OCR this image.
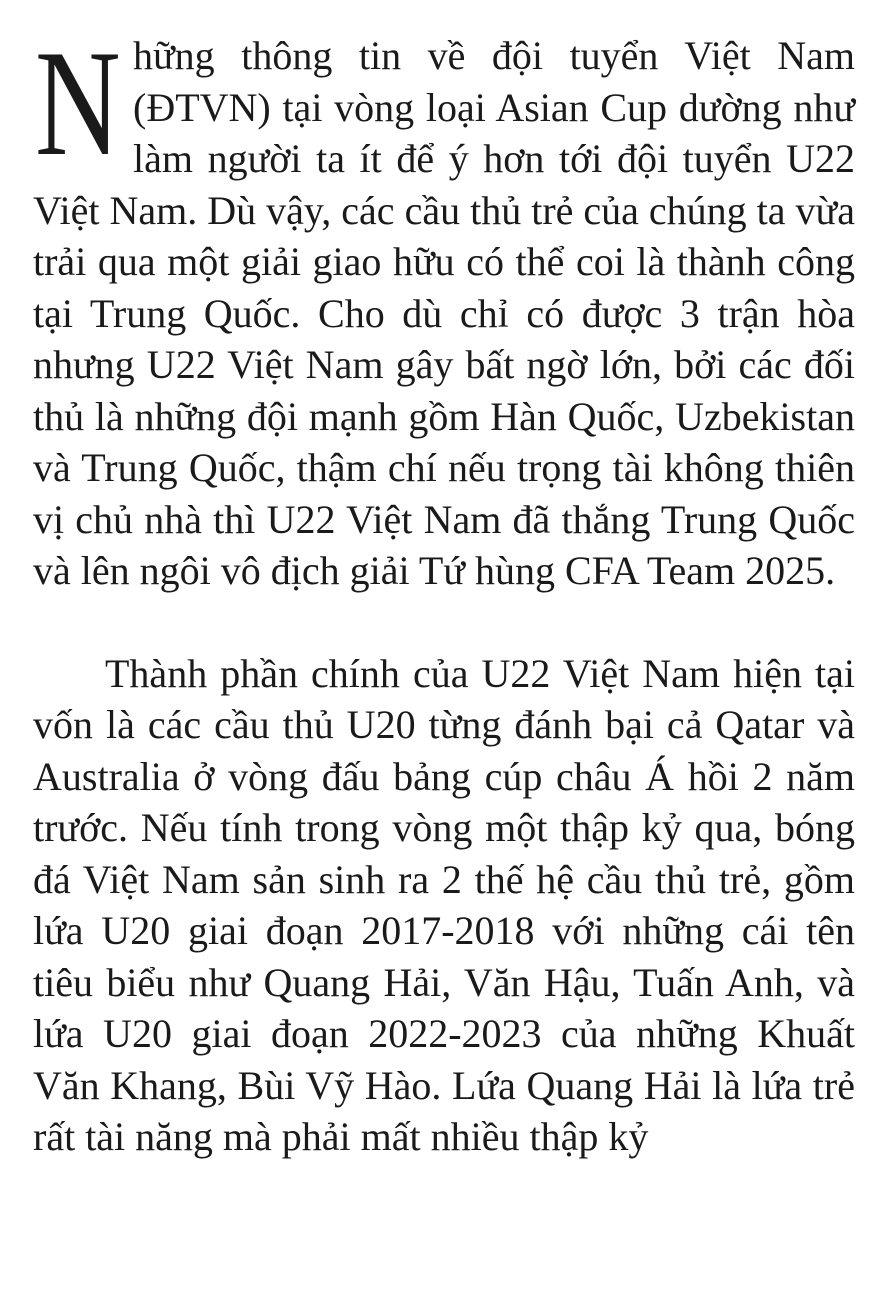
Những thông tin về đội tuyển Việt Nam (ĐTVN) tại vòng loại Asian Cup dường như làm người ta ít để ý hơn tới đội tuyển U22 Việt Nam. Dù vậy, các cầu thủ trẻ của chúng ta vừa trải qua một giải giao hữu có thể coi là thành công tại Trung Quốc. Cho dù chỉ có được 3 trận hòa nhưng U22 Việt Nam gây bất ngờ lớn, bởi các đối thủ là những đội mạnh gồm Hàn Quốc, Uzbekistan và Trung Quốc, thậm chí nếu trọng tài không thiên vị chủ nhà thì U22 Việt Nam đã thắng Trung Quốc và lên ngôi vô địch giải Tứ hùng CFA Team 2025.

Thành phần chính của U22 Việt Nam hiện tại vốn là các cầu thủ U20 từng đánh bại cả Qatar và Australia ở vòng đấu bảng cúp châu Á hồi 2 năm trước. Nếu tính trong vòng một thập kỷ qua, bóng đá Việt Nam sản sinh ra 2 thế hệ cầu thủ trẻ, gồm lứa U20 giai đoạn 2017-2018 với những cái tên tiêu biểu như Quang Hải, Văn Hậu, Tuấn Anh, và lứa U20 giai đoạn 2022-2023 của những Khuất Văn Khang, Bùi Vỹ Hào. Lứa Quang Hải là lứa trẻ rất tài năng mà phải mất nhiều thập kỷ
